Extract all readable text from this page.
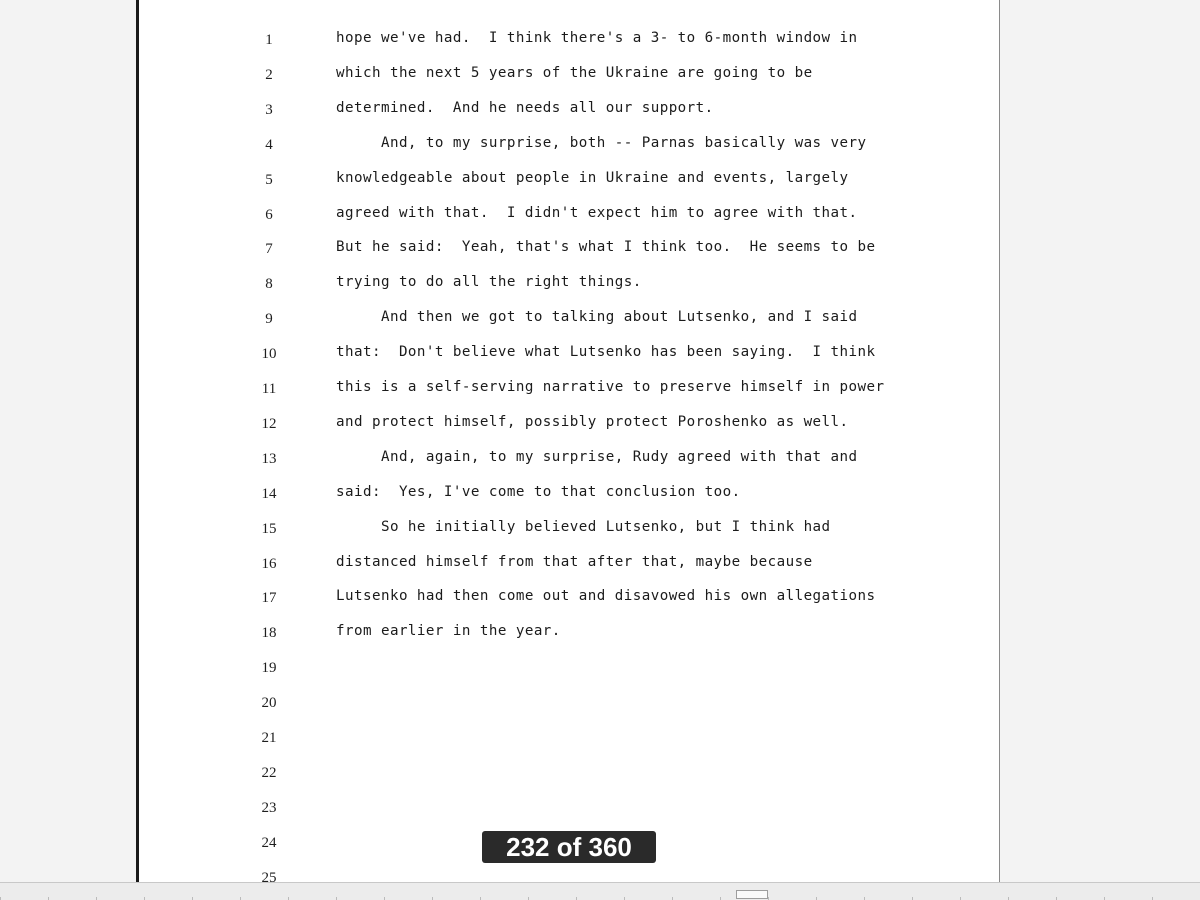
1	hope we've had.  I think there's a 3- to 6-month window in
2	which the next 5 years of the Ukraine are going to be
3	determined.  And he needs all our support.
4	And, to my surprise, both -- Parnas basically was very
5	knowledgeable about people in Ukraine and events, largely
6	agreed with that.  I didn't expect him to agree with that.
7	But he said:  Yeah, that's what I think too.  He seems to be
8	trying to do all the right things.
9	And then we got to talking about Lutsenko, and I said
10	that:  Don't believe what Lutsenko has been saying.  I think
11	this is a self-serving narrative to preserve himself in power
12	and protect himself, possibly protect Poroshenko as well.
13	And, again, to my surprise, Rudy agreed with that and
14	said:  Yes, I've come to that conclusion too.
15	So he initially believed Lutsenko, but I think had
16	distanced himself from that after that, maybe because
17	Lutsenko had then come out and disavowed his own allegations
18	from earlier in the year.
19
20
21
22
23
24
25
232 of 360
